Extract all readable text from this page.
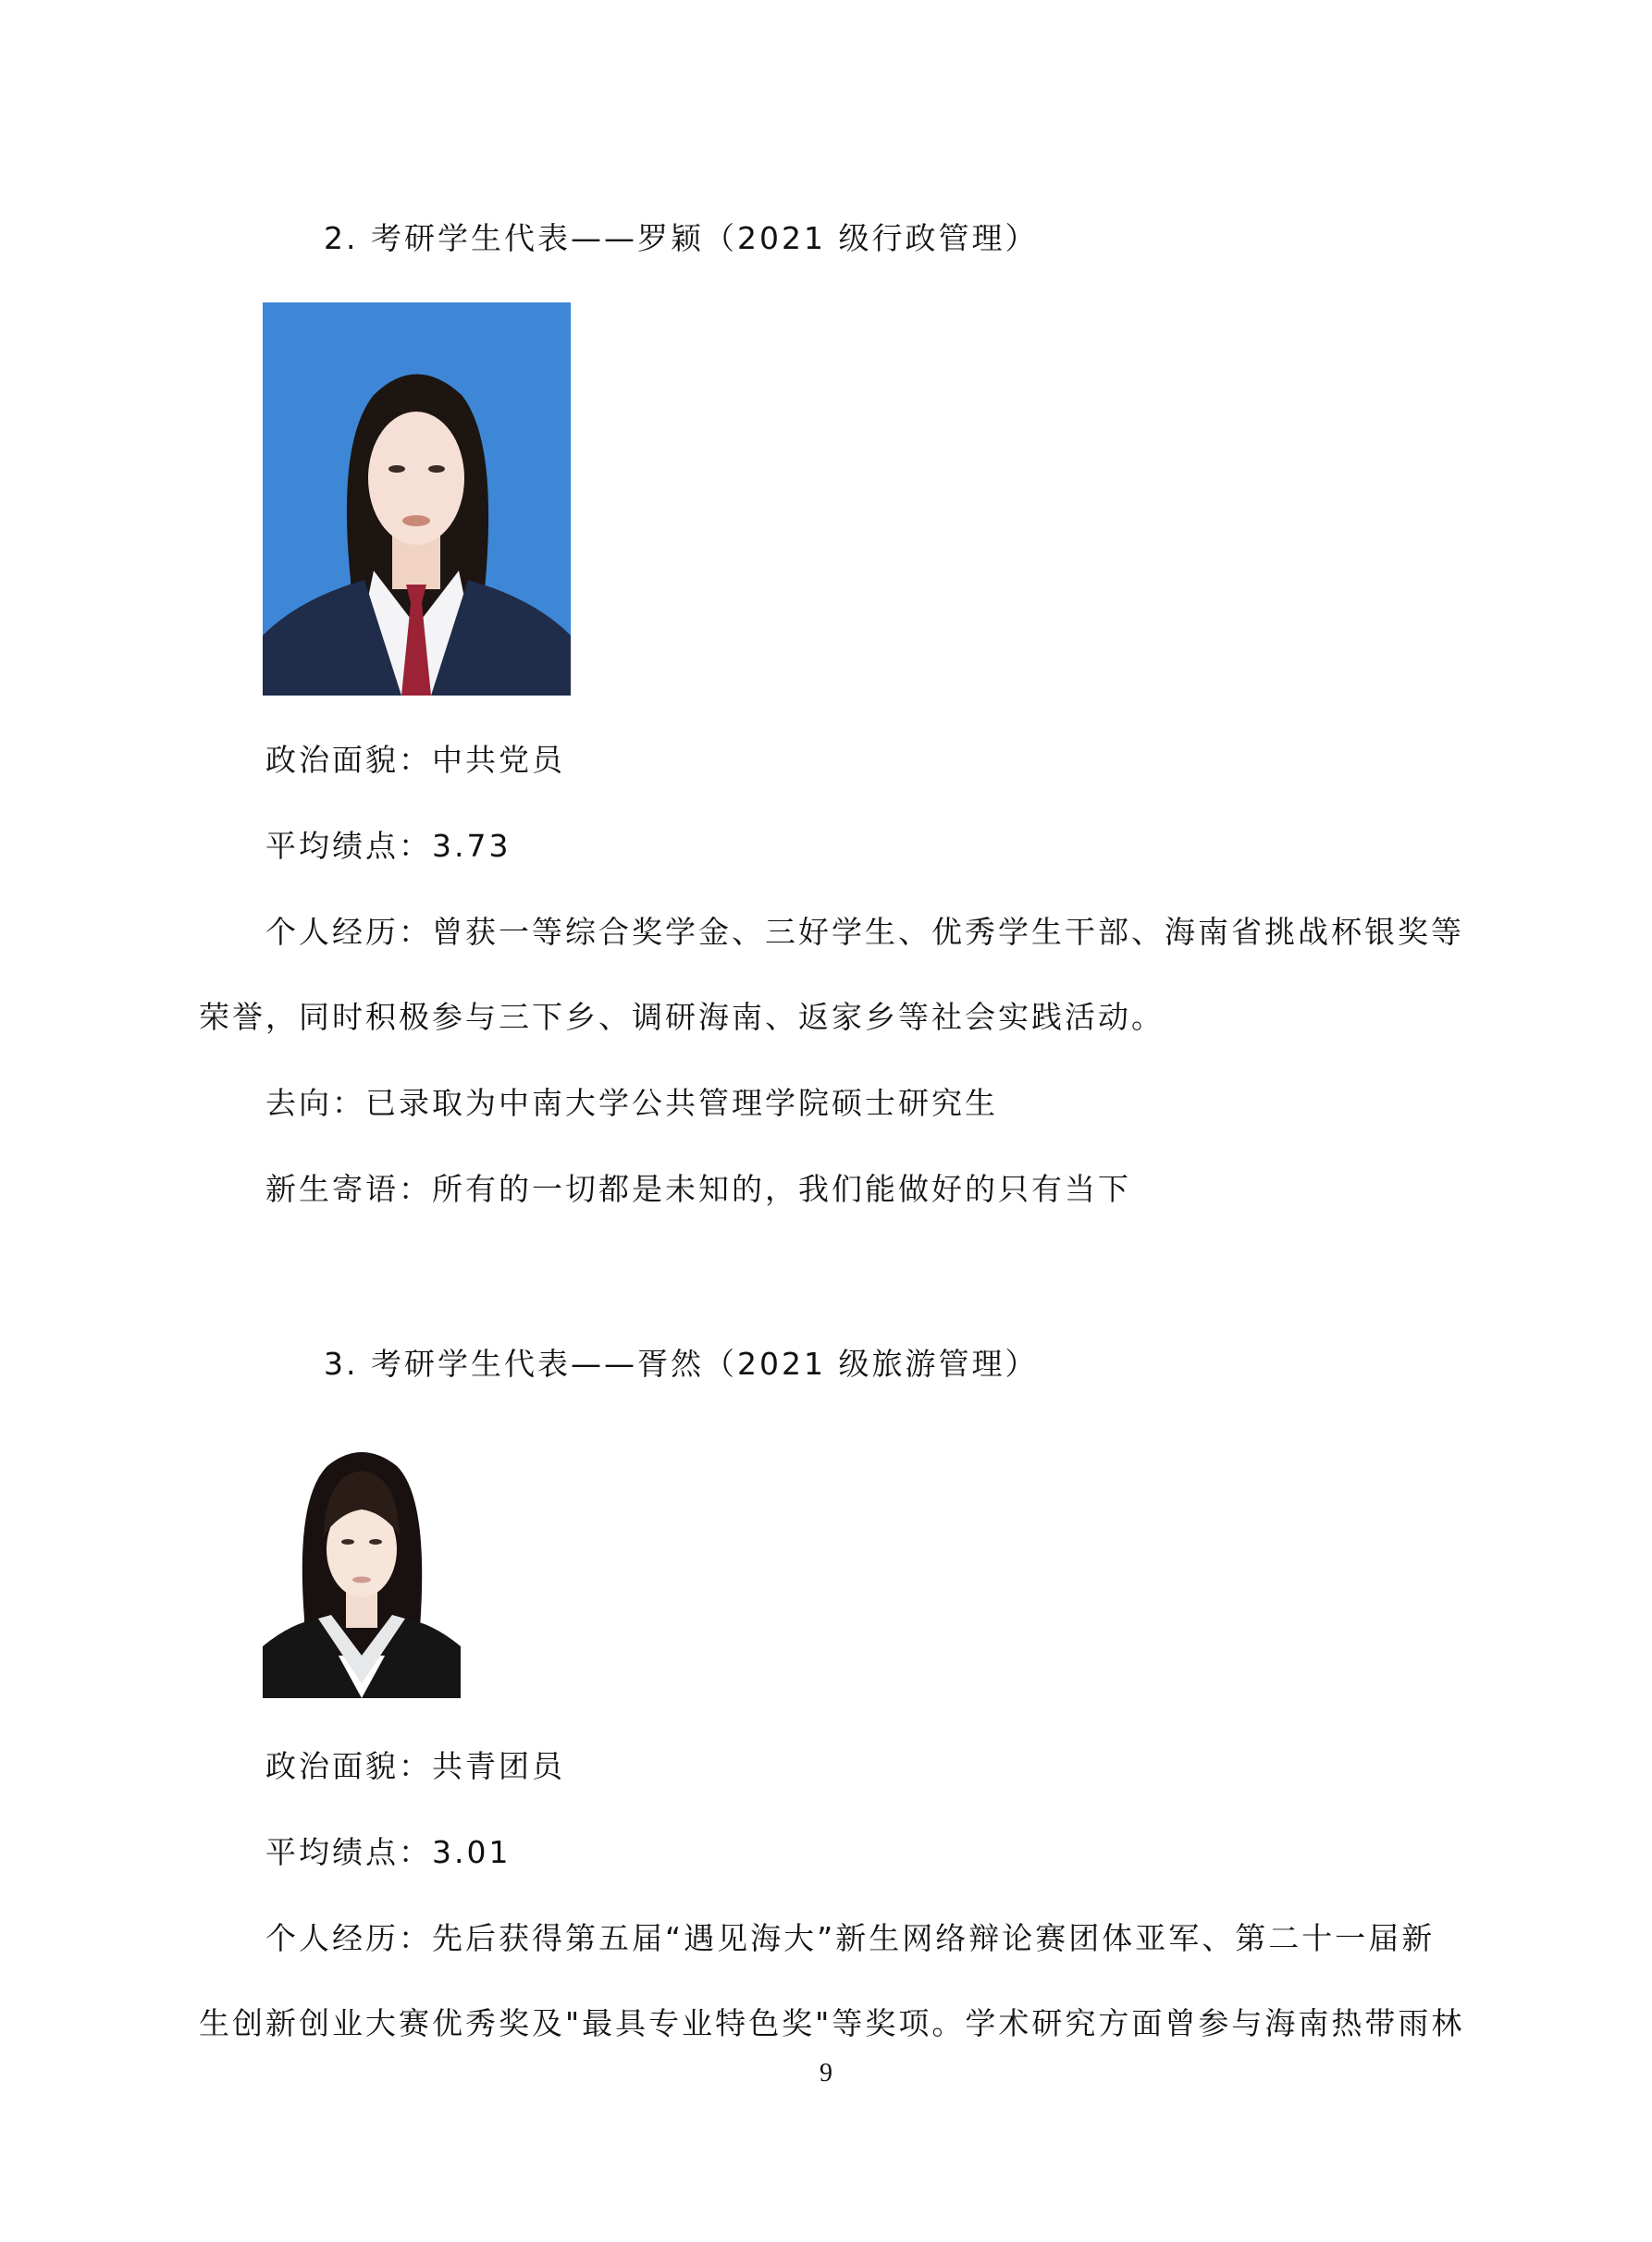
2. 考研学生代表——罗颖（2021 级行政管理）
政治面貌：中共党员
平均绩点：3.73
个人经历：曾获一等综合奖学金、三好学生、优秀学生干部、海南省挑战杯银奖等
荣誉，同时积极参与三下乡、调研海南、返家乡等社会实践活动。
去向：已录取为中南大学公共管理学院硕士研究生
新生寄语：所有的一切都是未知的，我们能做好的只有当下
3. 考研学生代表——胥然（2021 级旅游管理）
政治面貌：共青团员
平均绩点：3.01
个人经历：先后获得第五届“遇见海大”新生网络辩论赛团体亚军、第二十一届新
生创新创业大赛优秀奖及"最具专业特色奖"等奖项。学术研究方面曾参与海南热带雨林
9
